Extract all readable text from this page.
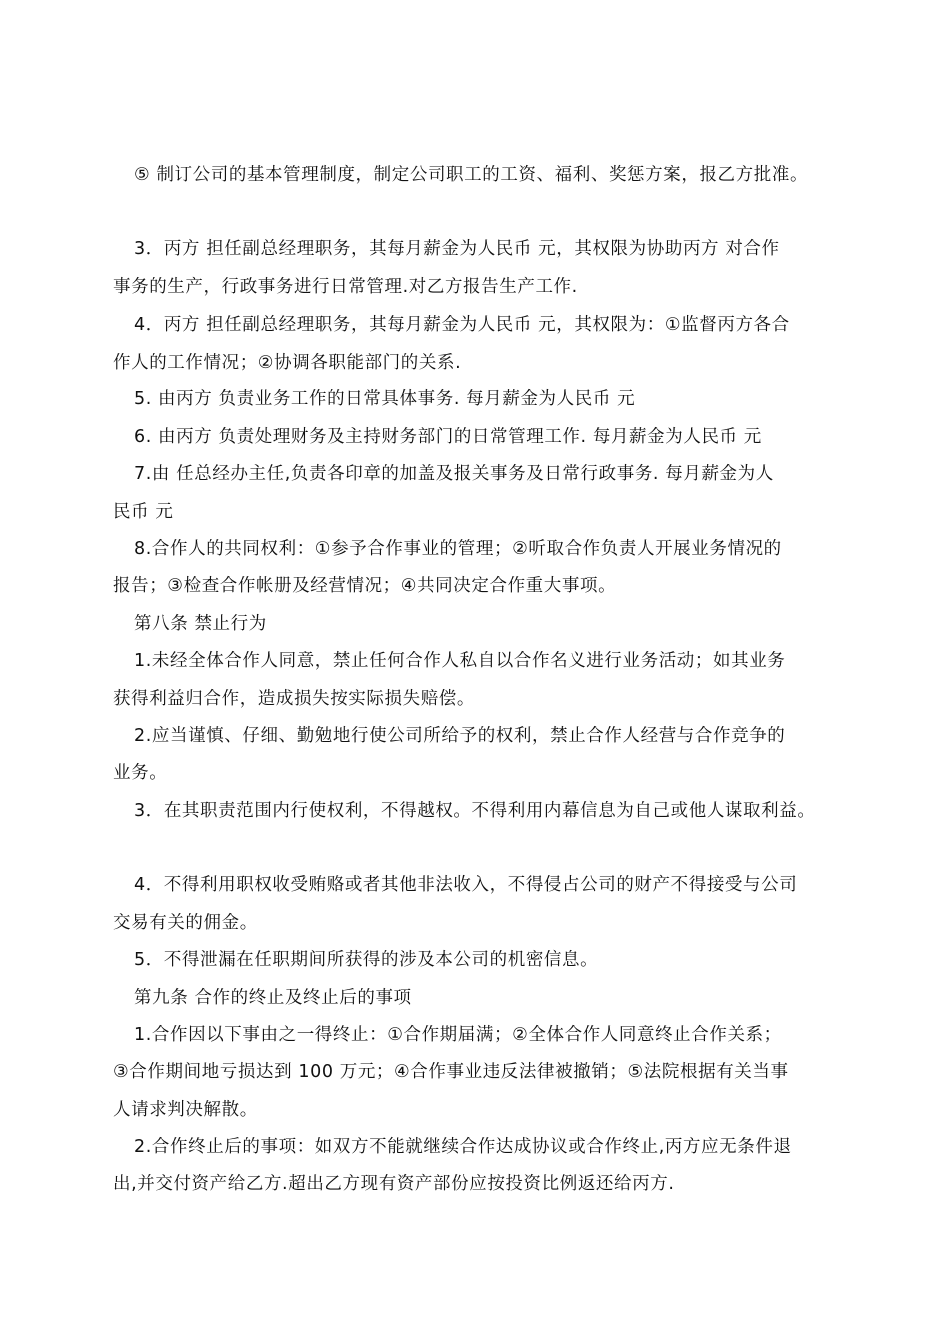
⑤ 制订公司的基本管理制度，制定公司职工的工资、福利、奖惩方案，报乙方批准。
3．丙方 担任副总经理职务，其每月薪金为人民币 元，其权限为协助丙方 对合作
事务的生产，行政事务进行日常管理.对乙方报告生产工作.
4．丙方 担任副总经理职务，其每月薪金为人民币 元，其权限为：①监督丙方各合
作人的工作情况；②协调各职能部门的关系.
5. 由丙方 负责业务工作的日常具体事务. 每月薪金为人民币 元
6. 由丙方 负责处理财务及主持财务部门的日常管理工作. 每月薪金为人民币 元
7.由 任总经办主任,负责各印章的加盖及报关事务及日常行政事务. 每月薪金为人
民币 元
8.合作人的共同权利：①参予合作事业的管理；②听取合作负责人开展业务情况的
报告；③检查合作帐册及经营情况；④共同决定合作重大事项。
第八条 禁止行为
1.未经全体合作人同意，禁止任何合作人私自以合作名义进行业务活动；如其业务
获得利益归合作，造成损失按实际损失赔偿。
2.应当谨慎、仔细、勤勉地行使公司所给予的权利，禁止合作人经营与合作竞争的
业务。
3．在其职责范围内行使权利，不得越权。不得利用内幕信息为自己或他人谋取利益。
4．不得利用职权收受贿赂或者其他非法收入，不得侵占公司的财产不得接受与公司
交易有关的佣金。
5．不得泄漏在任职期间所获得的涉及本公司的机密信息。
第九条 合作的终止及终止后的事项
1.合作因以下事由之一得终止：①合作期届满；②全体合作人同意终止合作关系；
③合作期间地亏损达到 100 万元；④合作事业违反法律被撤销；⑤法院根据有关当事
人请求判决解散。
2.合作终止后的事项：如双方不能就继续合作达成协议或合作终止,丙方应无条件退
出,并交付资产给乙方.超出乙方现有资产部份应按投资比例返还给丙方.
